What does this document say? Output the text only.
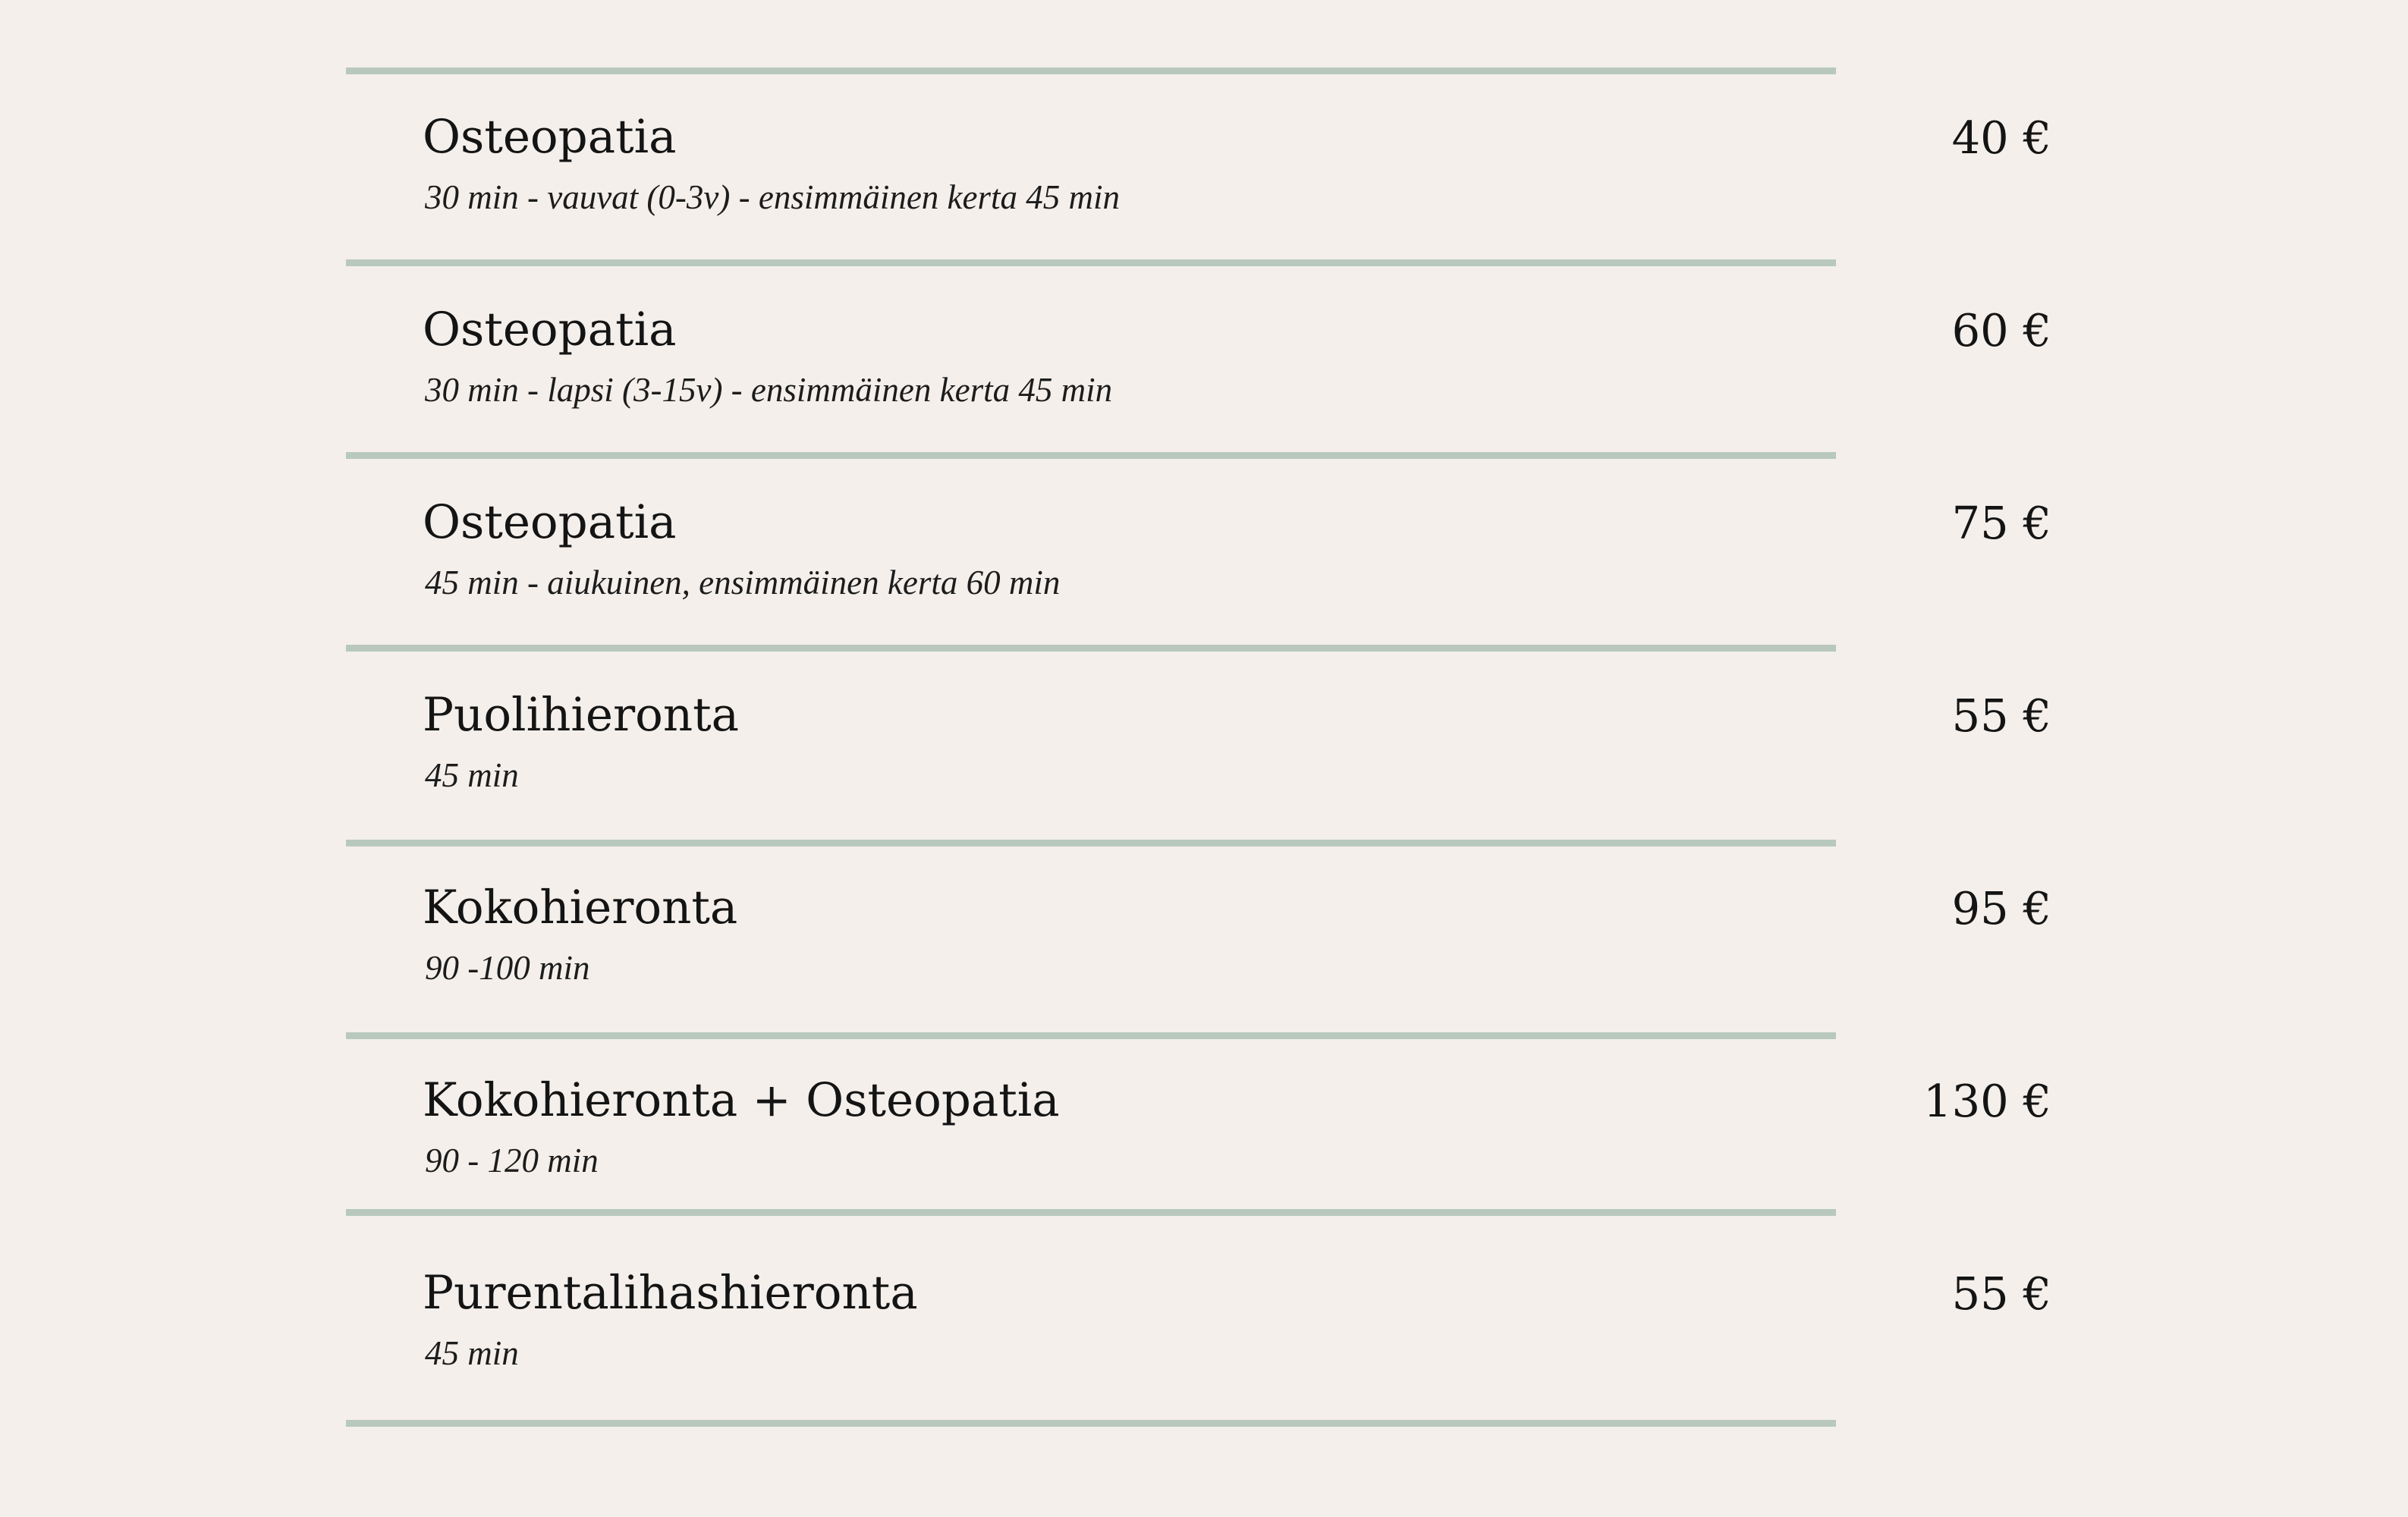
Osteopatia
30 min - vauvat (0-3v) - ensimmäinen kerta 45 min
40 €
Osteopatia
30 min - lapsi (3-15v) - ensimmäinen kerta 45 min
60 €
Osteopatia
45 min - aiukuinen, ensimmäinen kerta 60 min
75 €
Puolihieronta
45 min
55 €
Kokohieronta
90 -100 min
95 €
Kokohieronta + Osteopatia
90 - 120 min
130 €
Purentalihashieronta
45 min
55 €
